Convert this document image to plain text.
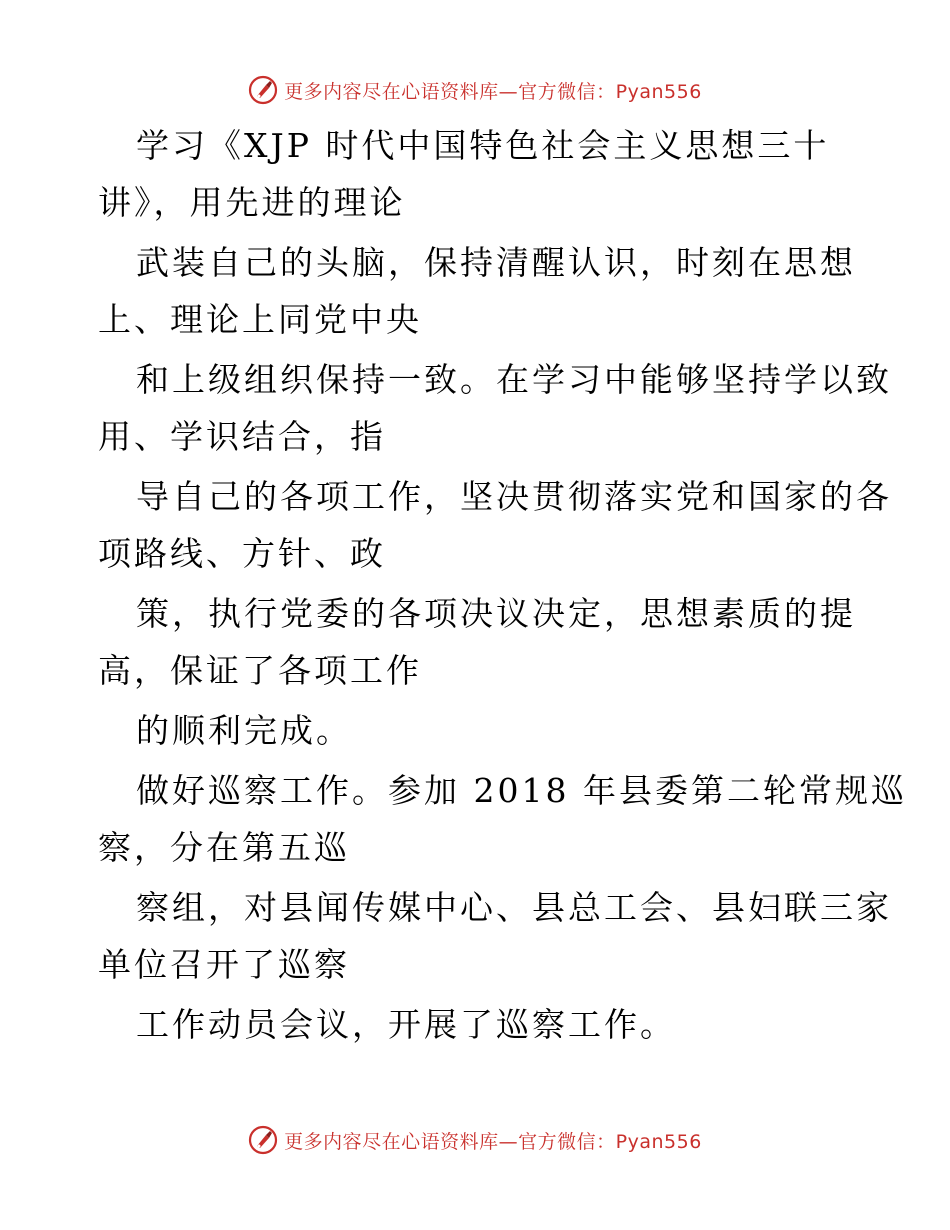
更多内容尽在心语资料库—官方微信：Pyan556
学习《XJP 时代中国特色社会主义思想三十
讲》，用先进的理论
武装自己的头脑，保持清醒认识，时刻在思想
上、理论上同党中央
和上级组织保持一致。在学习中能够坚持学以致
用、学识结合，指
导自己的各项工作，坚决贯彻落实党和国家的各
项路线、方针、政
策，执行党委的各项决议决定，思想素质的提
高，保证了各项工作
的顺利完成。
做好巡察工作。参加 2018 年县委第二轮常规巡
察，分在第五巡
察组，对县闻传媒中心、县总工会、县妇联三家
单位召开了巡察
工作动员会议，开展了巡察工作。
更多内容尽在心语资料库—官方微信：Pyan556
